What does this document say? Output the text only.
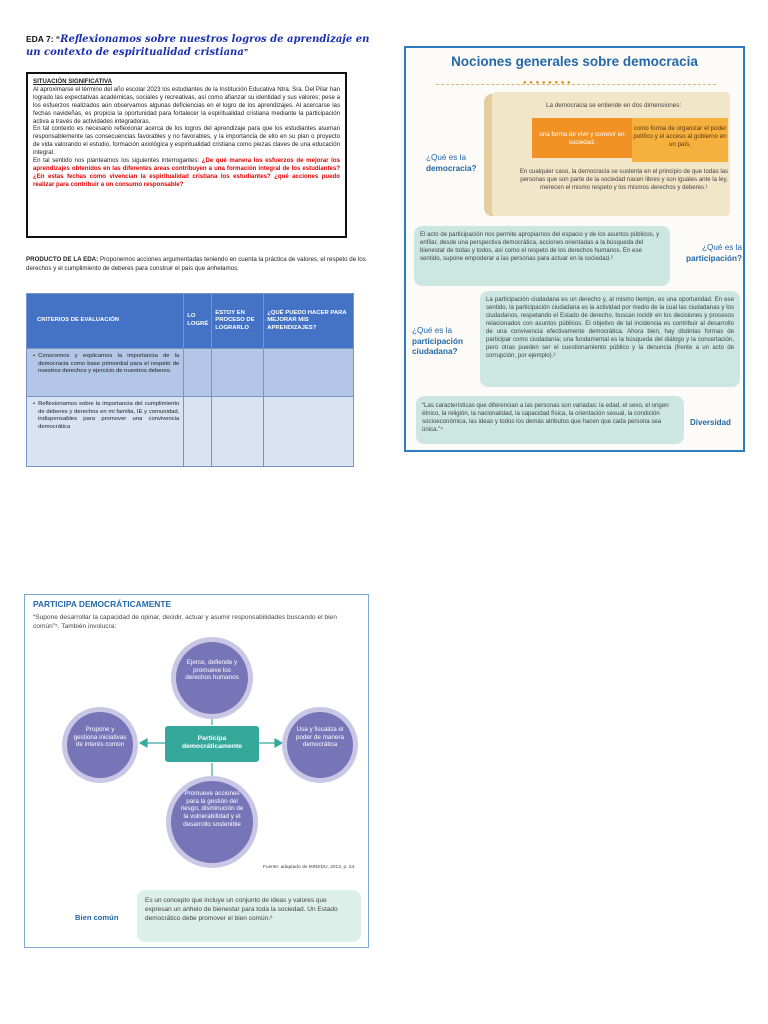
EDA 7: “Reflexionamos sobre nuestros logros de aprendizaje en un contexto de espiritualidad cristiana”
SITUACIÓN SIGNIFICATIVA
Al aproximarse el término del año escolar 2023 los estudiantes de la Institución Educativa Ntra. Sra. Del Pilar han logrado las expectativas académicas, sociales y recreativas, así como afianzar su identidad y sus valores; pese a los esfuerzos realizados aún observamos algunas deficiencias en el logro de los aprendizajes. Al acercarse las fechas navideñas, es propicia la oportunidad para fortalecer la espiritualidad cristiana mediante la participación activa a través de actividades integradoras.
En tal contexto es necesario reflexionar acerca de los logros del aprendizaje para que los estudiantes asuman responsablemente las consecuencias favorables y no favorables, y la importancia de ello en su plan o proyecto de vida valorando el estudio, formación axiológica y espiritualidad cristiana como piezas claves de una educación integral.
En tal sentido nos planteamos los siguientes interrogantes: ¿De qué manera los esfuerzos de mejorar los aprendizajes obtenidos en las diferentes áreas contribuyen a una formación integral de los estudiantes? ¿En estas fechas como vivencian la espiritualidad cristiana los estudiantes? ¿qué acciones puedo realizar para contribuir a un consumo responsable?
PRODUCTO DE LA EDA: Proponemos acciones argumentadas teniendo en cuenta la práctica de valores, el respeto de los derechos y el cumplimiento de deberes para construir el país que anhelamos.
CRITERIOS DE EVALUACIÓN	LO LOGRÉ	ESTOY EN PROCESO DE LOGRARLO	¿QUÉ PUEDO HACER PARA MEJORAR MIS APRENDIZAJES?

• Conocemos y explicamos la importancia de la democracia como base primordial para el respeto de nuestros derechos y ejercicio de nuestros deberes.			

• Reflexionamos sobre la importancia del cumplimiento de deberes y derechos en mi familia, IE y comunidad, indispensables para promover una convivencia democrática			

Nociones generales sobre democracia
● ● ● ● ● ● ● ●
La democracia se entiende en dos dimensiones:
una forma de vivir y convivir en sociedad.
como forma de organizar el poder político y el acceso al gobierno en un país.
En cualquier caso, la democracia se sustenta en el principio de que todas las personas que son parte de la sociedad nacen libres y son iguales ante la ley, merecen el mismo respeto y los mismos derechos y deberes.¹
¿Qué es la
democracia?
El acto de participación nos permite apropiarnos del espacio y de los asuntos públicos, y enfilar, desde una perspectiva democrática, acciones orientadas a la búsqueda del bienestar de todas y todos, así como el respeto de los derechos humanos. En ese sentido, supone empoderar a las personas para actuar en la sociedad.²
¿Qué es la
participación?
La participación ciudadana es un derecho y, al mismo tiempo, es una oportunidad. En ese sentido, la participación ciudadana es la actividad por medio de la cual las ciudadanas y los ciudadanos, respetando el Estado de derecho, buscan incidir en los decisiones y procesos relacionados con asuntos públicos. El objetivo de tal incidencia es contribuir al desarrollo de una convivencia efectivamente democrática. Ahora bien, hay distintas formas de participar como ciudadanía; una fundamental es la búsqueda del diálogo y la concertación, pero otras pueden ser el cuestionamiento público y la denuncia (frente a un acto de corrupción, por ejemplo).³
¿Qué es la
participación ciudadana?
“Las características que diferencian a las personas son variadas: la edad, el sexo, el origen étnico, la religión, la nacionalidad, la capacidad física, la orientación sexual, la condición socioeconómica, las ideas y todos los demás atributos que hacen que cada persona sea única.”⁴
Diversidad
PARTICIPA DEMOCRÁTICAMENTE
“Supone desarrollar la capacidad de opinar, decidir, actuar y asumir responsabilidades buscando el bien común”⁵. También involucra:
Participa democráticamente
Ejerce, defiende y promueve los derechos humanos
Propone y gestiona iniciativas de interés común
Usa y fiscaliza el poder de manera democrática
Promueve acciones para la gestión del riesgo, disminución de la vulnerabilidad y el desarrollo sostenible
Fuente: adaptado de MINEDU, 2013, p. 24.
Bien común
Es un concepto que incluye un conjunto de ideas y valores que expresan un anhelo de bienestar para toda la sociedad. Un Estado democrático debe promover el bien común.⁶
